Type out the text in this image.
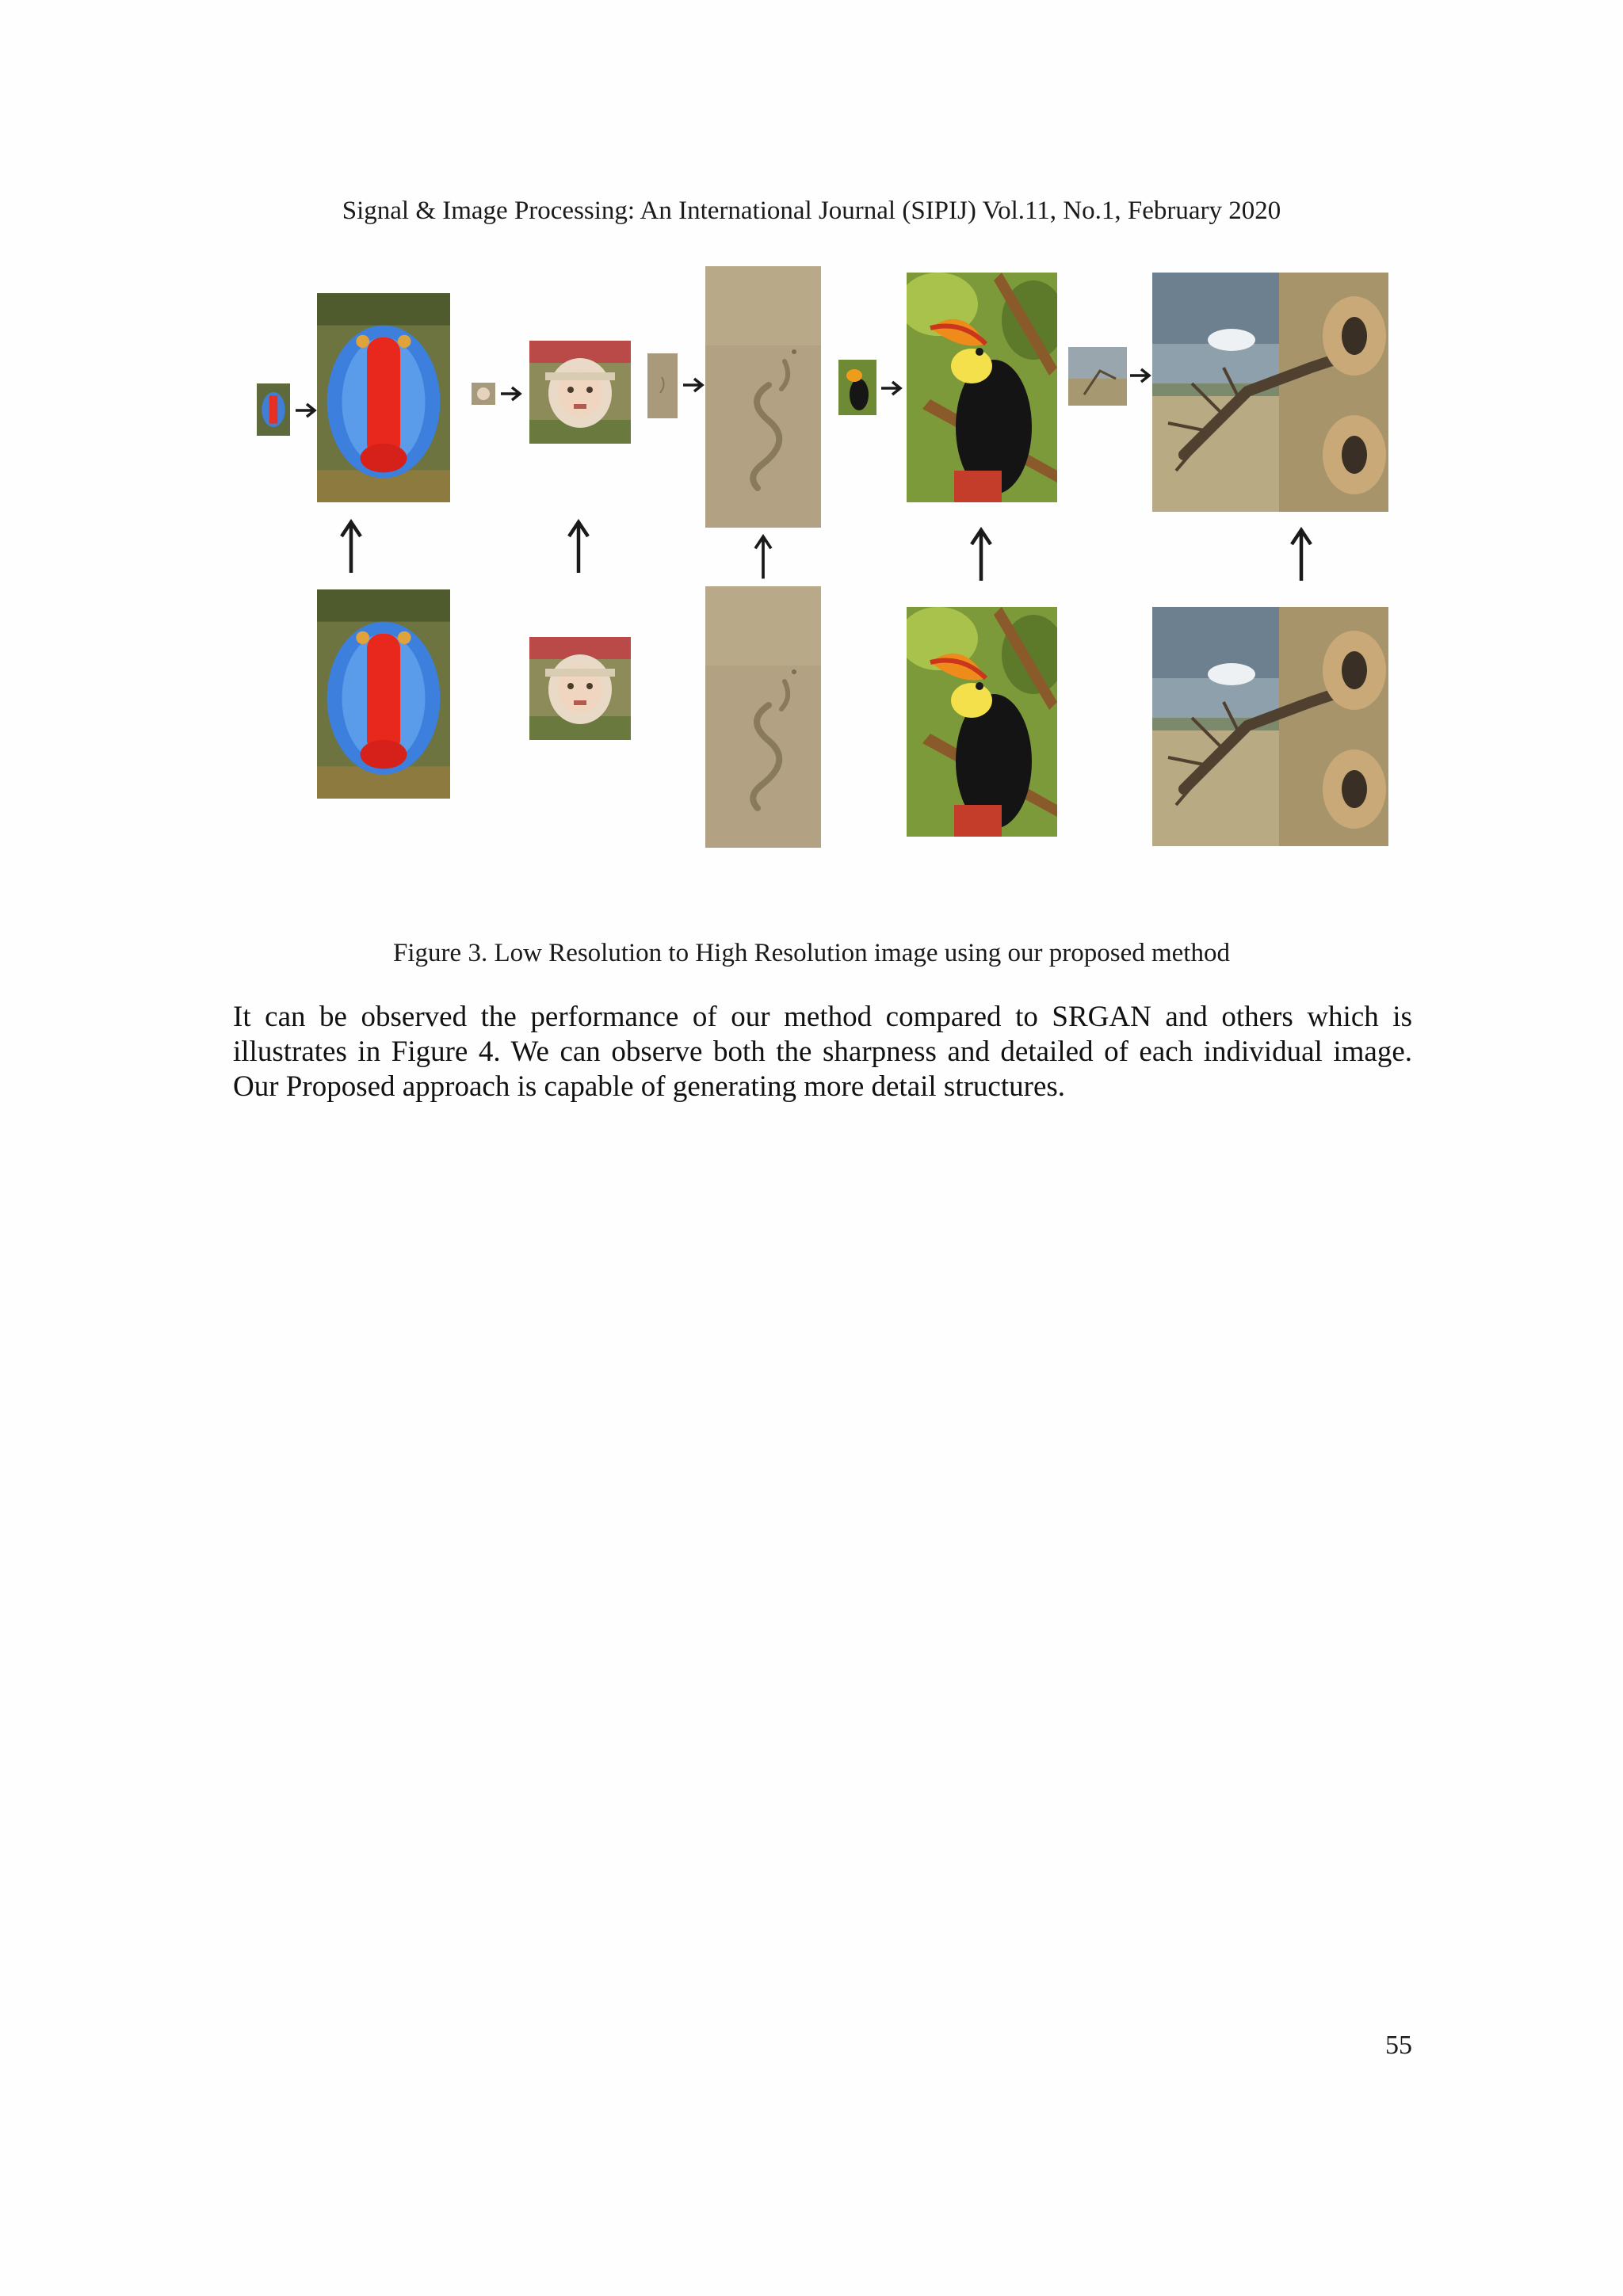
Signal & Image Processing: An International Journal (SIPIJ) Vol.11, No.1, February 2020
Figure 3. Low Resolution to High Resolution image using our proposed method

It can be observed the performance of our method compared to SRGAN and others which is illustrates in Figure 4. We can observe both the sharpness and detailed of each individual image. Our Proposed approach is capable of generating more detail structures.

55
